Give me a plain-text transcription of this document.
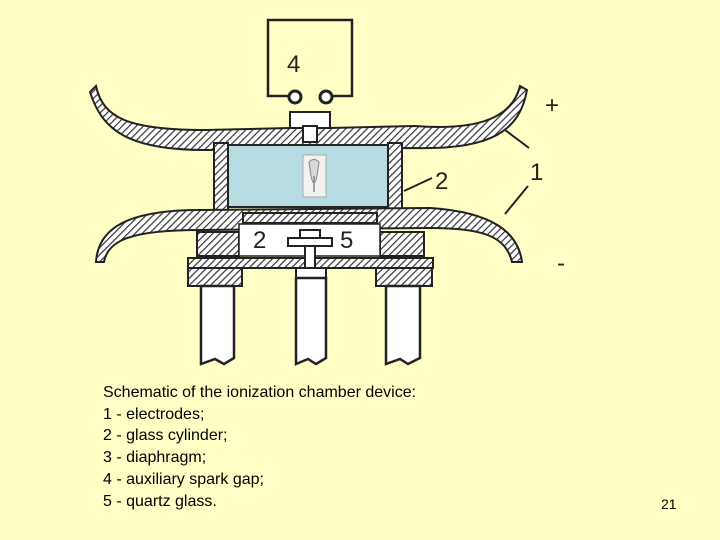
4
+
1
2
2	5
-
Schematic of the ionization chamber device:
1 - electrodes;
2 - glass cylinder;
3 - diaphragm;
4 - auxiliary spark gap;
5 - quartz glass.	21
